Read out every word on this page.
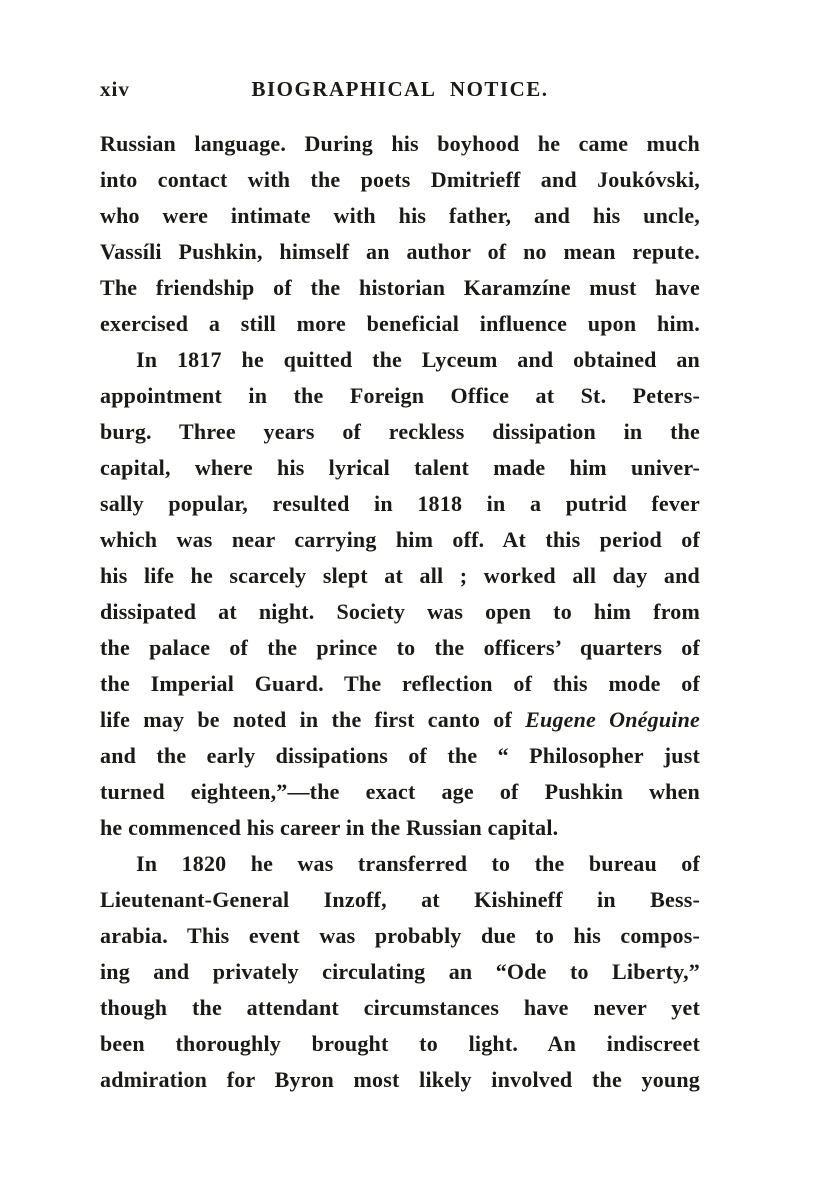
xiv	BIOGRAPHICAL NOTICE.
Russian language. During his boyhood he came much
into contact with the poets Dmitrieff and Joukóvski,
who were intimate with his father, and his uncle,
Vassíli Pushkin, himself an author of no mean repute.
The friendship of the historian Karamzíne must have
exercised a still more beneficial influence upon him.
In 1817 he quitted the Lyceum and obtained an
appointment in the Foreign Office at St. Peters-
burg. Three years of reckless dissipation in the
capital, where his lyrical talent made him univer-
sally popular, resulted in 1818 in a putrid fever
which was near carrying him off. At this period of
his life he scarcely slept at all ; worked all day and
dissipated at night. Society was open to him from
the palace of the prince to the officers’ quarters of
the Imperial Guard. The reflection of this mode of
life may be noted in the first canto of Eugene Onéguine
and the early dissipations of the “ Philosopher just
turned eighteen,”—the exact age of Pushkin when
he commenced his career in the Russian capital.
In 1820 he was transferred to the bureau of
Lieutenant-General Inzoff, at Kishineff in Bess-
arabia. This event was probably due to his compos-
ing and privately circulating an “Ode to Liberty,”
though the attendant circumstances have never yet
been thoroughly brought to light. An indiscreet
admiration for Byron most likely involved the young
